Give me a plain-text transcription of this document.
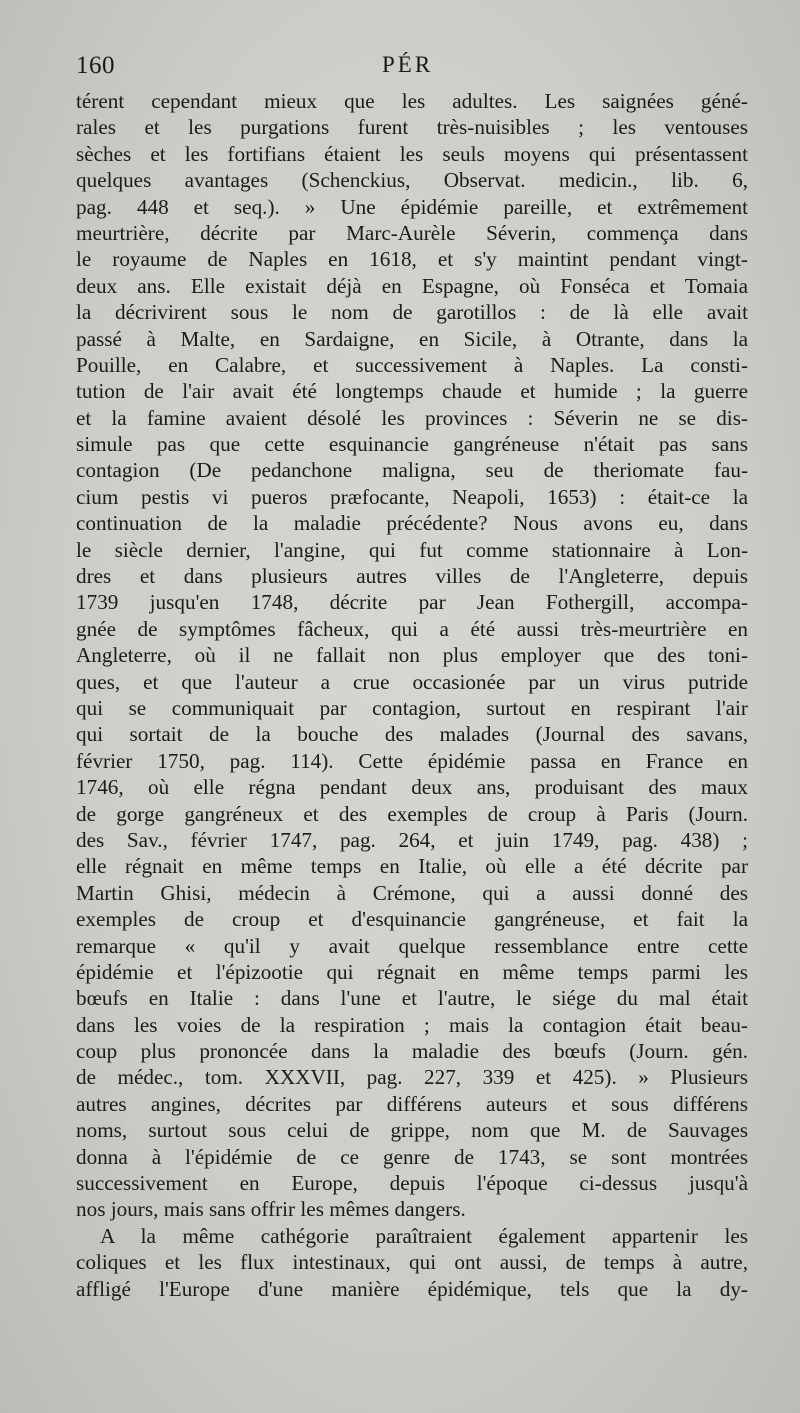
160	PÉR
térent cependant mieux que les adultes. Les saignées géné-
rales et les purgations furent très-nuisibles ; les ventouses
sèches et les fortifians étaient les seuls moyens qui présentassent
quelques avantages (Schenckius, Observat. medicin., lib. 6,
pag. 448 et seq.). » Une épidémie pareille, et extrêmement
meurtrière, décrite par Marc-Aurèle Séverin, commença dans
le royaume de Naples en 1618, et s'y maintint pendant vingt-
deux ans. Elle existait déjà en Espagne, où Fonséca et Tomaia
la décrivirent sous le nom de garotillos : de là elle avait
passé à Malte, en Sardaigne, en Sicile, à Otrante, dans la
Pouille, en Calabre, et successivement à Naples. La consti-
tution de l'air avait été longtemps chaude et humide ; la guerre
et la famine avaient désolé les provinces : Séverin ne se dis-
simule pas que cette esquinancie gangréneuse n'était pas sans
contagion (De pedanchone maligna, seu de theriomate fau-
cium pestis vi pueros præfocante, Neapoli, 1653) : était-ce la
continuation de la maladie précédente? Nous avons eu, dans
le siècle dernier, l'angine, qui fut comme stationnaire à Lon-
dres et dans plusieurs autres villes de l'Angleterre, depuis
1739 jusqu'en 1748, décrite par Jean Fothergill, accompa-
gnée de symptômes fâcheux, qui a été aussi très-meurtrière en
Angleterre, où il ne fallait non plus employer que des toni-
ques, et que l'auteur a crue occasionée par un virus putride
qui se communiquait par contagion, surtout en respirant l'air
qui sortait de la bouche des malades (Journal des savans,
février 1750, pag. 114). Cette épidémie passa en France en
1746, où elle régna pendant deux ans, produisant des maux
de gorge gangréneux et des exemples de croup à Paris (Journ.
des Sav., février 1747, pag. 264, et juin 1749, pag. 438) ;
elle régnait en même temps en Italie, où elle a été décrite par
Martin Ghisi, médecin à Crémone, qui a aussi donné des
exemples de croup et d'esquinancie gangréneuse, et fait la
remarque « qu'il y avait quelque ressemblance entre cette
épidémie et l'épizootie qui régnait en même temps parmi les
bœufs en Italie : dans l'une et l'autre, le siége du mal était
dans les voies de la respiration ; mais la contagion était beau-
coup plus prononcée dans la maladie des bœufs (Journ. gén.
de médec., tom. XXXVII, pag. 227, 339 et 425). » Plusieurs
autres angines, décrites par différens auteurs et sous différens
noms, surtout sous celui de grippe, nom que M. de Sauvages
donna à l'épidémie de ce genre de 1743, se sont montrées
successivement en Europe, depuis l'époque ci-dessus jusqu'à
nos jours, mais sans offrir les mêmes dangers.
A la même cathégorie paraîtraient également appartenir les
coliques et les flux intestinaux, qui ont aussi, de temps à autre,
affligé l'Europe d'une manière épidémique, tels que la dy-
